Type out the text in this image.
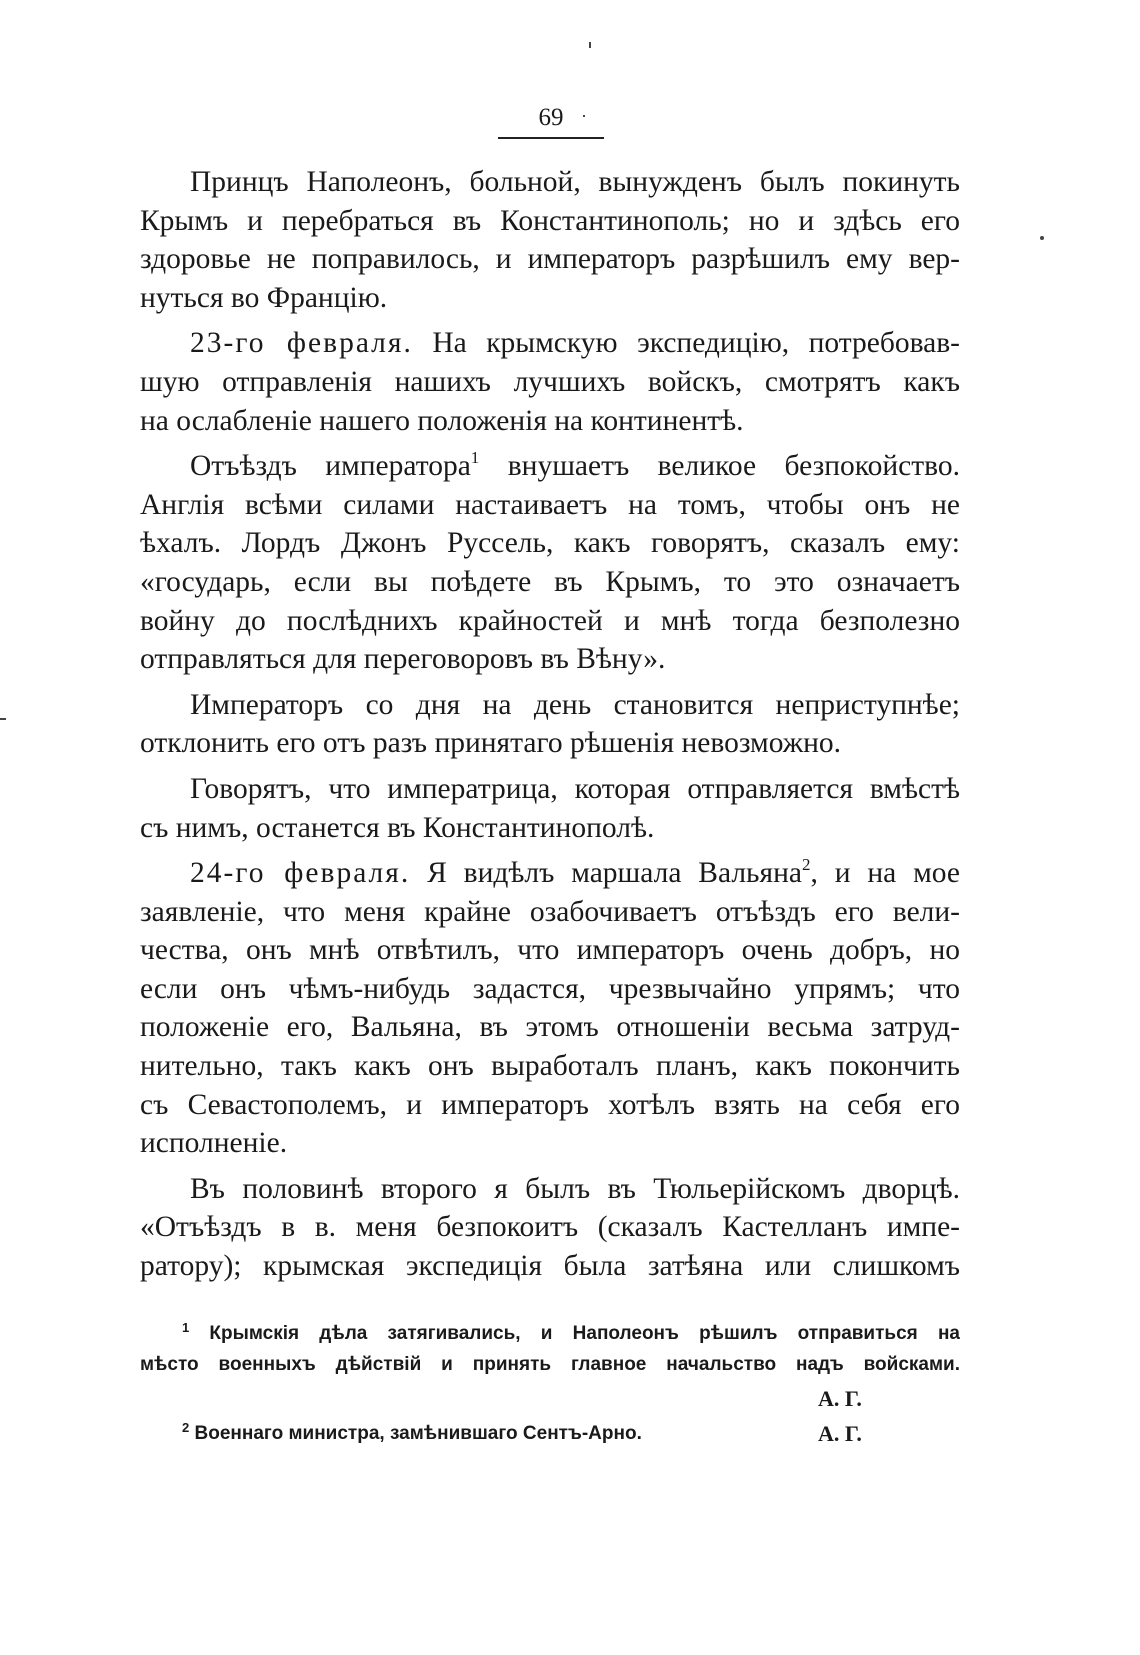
69

Принцъ Наполеонъ, больной, вынужденъ былъ покинуть

Крымъ и перебраться въ Константинополь; но и здѣсь его

здоровье не поправилось, и императоръ разрѣшилъ ему вер-

нуться во Францію.

23-го февраля. На крымскую экспедицію, потребовав-

шую отправленія нашихъ лучшихъ войскъ, смотрятъ какъ

на ослабленіе нашего положенія на континентѣ.

Отъѣздъ императора$^1$ внушаетъ великое безпокойство.

Англія всѣми силами настаиваетъ на томъ, чтобы онъ не

ѣхалъ. Лордъ Джонъ Руссель, какъ говорятъ, сказалъ ему:

«государь, если вы поѣдете въ Крымъ, то это означаетъ

войну до послѣднихъ крайностей и мнѣ тогда безполезно

отправляться для переговоровъ въ Вѣну».

Императоръ со дня на день становится неприступнѣе;

отклонить его отъ разъ принятаго рѣшенія невозможно.

Говорятъ, что императрица, которая отправляется вмѣстѣ

съ нимъ, останется въ Константинополѣ.

24-го февраля. Я видѣлъ маршала Вальяна$^2$, и на мое

заявленіе, что меня крайне озабочиваетъ отъѣздъ его вели-

чества, онъ мнѣ отвѣтилъ, что императоръ очень добръ, но

если онъ чѣмъ-нибудь задастся, чрезвычайно упрямъ; что

положеніе его, Вальяна, въ этомъ отношеніи весьма затруд-

нительно, такъ какъ онъ выработалъ планъ, какъ покончить

съ Севастополемъ, и императоръ хотѣлъ взять на себя его

исполненіе.

Въ половинѣ второго я былъ въ Тюльерійскомъ дворцѣ.

«Отъѣздъ в в. меня безпокоитъ (сказалъ Кастелланъ импе-

ратору); крымская экспедиція была затѣяна или слишкомъ

$^1$ Крымскія дѣла затягивались, и Наполеонъ рѣшилъ отправиться на

мѣсто военныхъ дѣйствій и принять главное начальство надъ войсками.

А. Г.
$^2$ Военнаго министра, замѣнившаго Сентъ-Арно.	А. Г.
